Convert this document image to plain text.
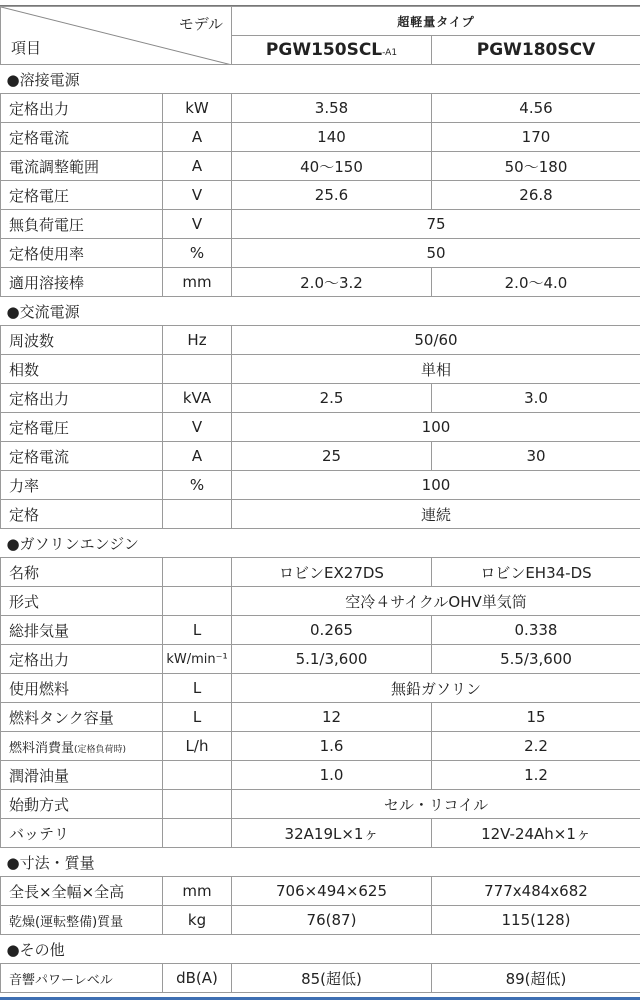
モデル
項目		超軽量タイプ	
		PGW150SCL-A1	PGW180SCV
●溶接電源			
定格出力	kW	3.58	4.56
定格電流	A	140	170
電流調整範囲	A	40～150	50～180
定格電圧	V	25.6	26.8
無負荷電圧	V	75	
定格使用率	%	50	
適用溶接棒	mm	2.0～3.2	2.0～4.0
●交流電源			
周波数	Hz	50/60	
相数		単相	
定格出力	kVA	2.5	3.0
定格電圧	V	100	
定格電流	A	25	30
力率	%	100	
定格		連続	
●ガソリンエンジン			
名称		ロビンEX27DS	ロビンEH34-DS
形式		空冷４サイクルOHV単気筒	
総排気量	L	0.265	0.338
定格出力	kW/min⁻¹	5.1/3,600	5.5/3,600
使用燃料	L	無鉛ガソリン	
燃料タンク容量	L	12	15
燃料消費量(定格負荷時)	L/h	1.6	2.2
潤滑油量		1.0	1.2
始動方式		セル・リコイル	
バッテリ		32A19L×1ヶ	12V-24Ah×1ヶ
●寸法・質量			
全長×全幅×全高	mm	706×494×625	777x484x682
乾燥(運転整備)質量	kg	76(87)	115(128)
●その他			
音響パワーレベル	dB(A)	85(超低)	89(超低)
